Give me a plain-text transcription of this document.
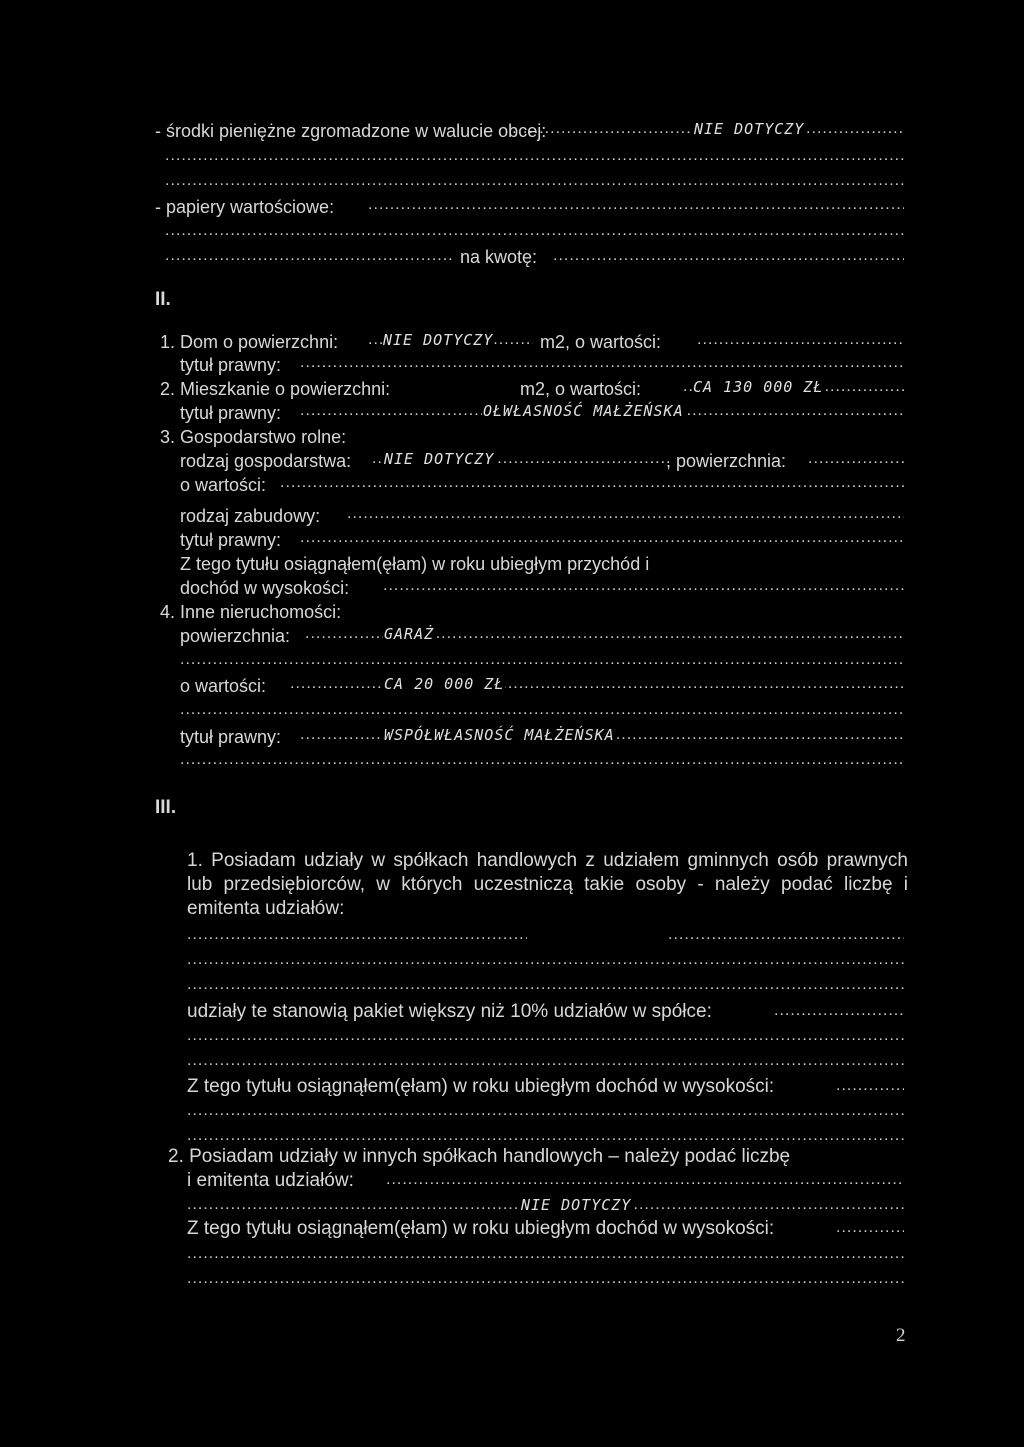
- środki pieniężne zgromadzone w walucie obcej: .....	NIE DOTYCZY
.....
.....
- papiery wartościowe:
.....
.....
.....
na kwotę:
.....
II.
1. Dom o powierzchni: .....	NIE DOTYCZY	m2, o wartości:
.....
tytuł prawny:
.....
2. Mieszkanie o powierzchni:	m2, o wartości: .....	CA 130 000 ZŁ
tytuł prawny: .....	OŁWŁASNOŚĆ MAŁŻEŃSKA
3. Gospodarstwo rolne:
rodzaj gospodarstwa: ..... NIE DOTYCZY	, powierzchnia:
.....
o wartości:
.....
rodzaj zabudowy:
.....
tytuł prawny:
.....
Z tego tytułu osiągnąłem(ęłam) w roku ubiegłym przychód i
dochód w wysokości:
.....
4. Inne nieruchomości:
powierzchnia: .....	GARAŻ
.....
o wartości: .....	CA 20 000 ZŁ
.....
tytuł prawny: .....	WSPÓŁWŁASNOŚĆ MAŁŻEŃSKA
.....
III.
1. Posiadam udziały w spółkach handlowych z udziałem gminnych osób prawnych lub przedsiębiorców, w których uczestniczą takie osoby - należy podać liczbę i emitenta udziałów:
.....
.....
.....
.....
udziały te stanowią pakiet większy niż 10% udziałów w spółce:
.....
.....
.....
Z tego tytułu osiągnąłem(ęłam) w roku ubiegłym dochód w wysokości:
.....
.....
.....
2. Posiadam udziały w innych spółkach handlowych – należy podać liczbę
i emitenta udziałów:
.....
.....
NIE DOTYCZY
Z tego tytułu osiągnąłem(ęłam) w roku ubiegłym dochód w wysokości:
.....
.....
.....
2
